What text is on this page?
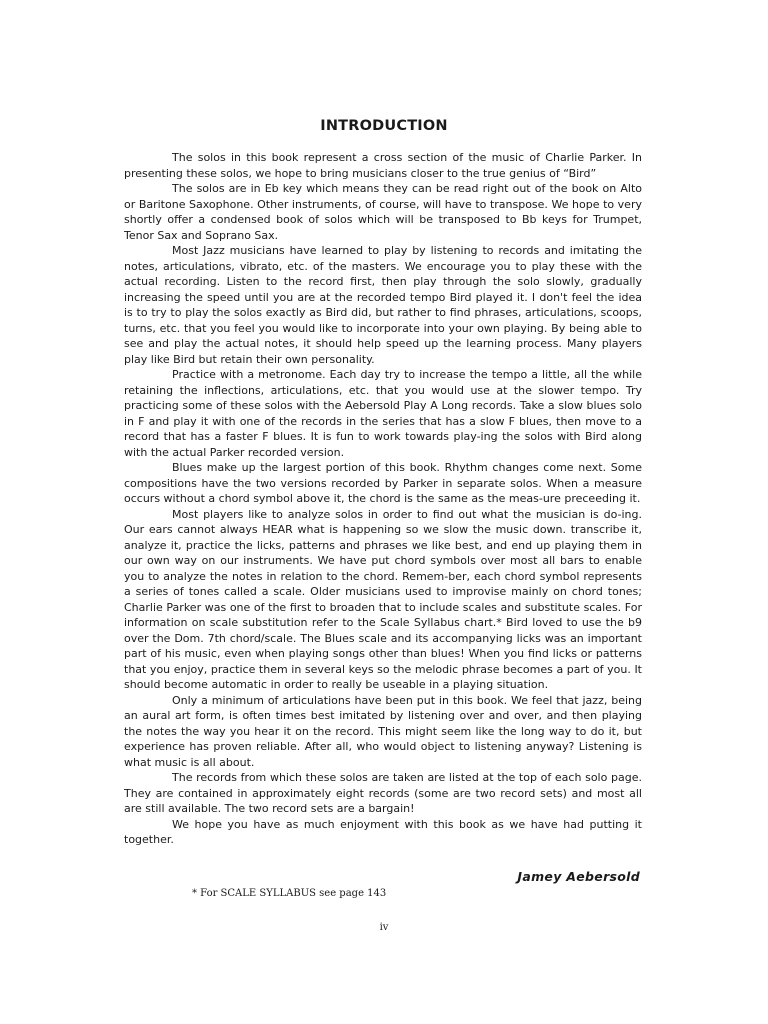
INTRODUCTION

The solos in this book represent a cross section of the music of Charlie Parker. In presenting these solos, we hope to bring musicians closer to the true genius of “Bird”

The solos are in Eb key which means they can be read right out of the book on Alto or Baritone Saxophone. Other instruments, of course, will have to transpose. We hope to very shortly offer a condensed book of solos which will be transposed to Bb keys for Trumpet, Tenor Sax and Soprano Sax.

Most Jazz musicians have learned to play by listening to records and imitating the notes, articulations, vibrato, etc. of the masters. We encourage you to play these with the actual recording. Listen to the record first, then play through the solo slowly, gradually increasing the speed until you are at the recorded tempo Bird played it. I don't feel the idea is to try to play the solos exactly as Bird did, but rather to find phrases, articulations, scoops, turns, etc. that you feel you would like to incorporate into your own playing. By being able to see and play the actual notes, it should help speed up the learning process. Many players play like Bird but retain their own personality.

Practice with a metronome. Each day try to increase the tempo a little, all the while retaining the inflections, articulations, etc. that you would use at the slower tempo. Try practicing some of these solos with the Aebersold Play A Long records. Take a slow blues solo in F and play it with one of the records in the series that has a slow F blues, then move to a record that has a faster F blues. It is fun to work towards play-ing the solos with Bird along with the actual Parker recorded version.

Blues make up the largest portion of this book. Rhythm changes come next. Some compositions have the two versions recorded by Parker in separate solos. When a measure occurs without a chord symbol above it, the chord is the same as the meas-ure preceeding it.

Most players like to analyze solos in order to find out what the musician is do-ing. Our ears cannot always HEAR what is happening so we slow the music down. transcribe it, analyze it, practice the licks, patterns and phrases we like best, and end up playing them in our own way on our instruments. We have put chord symbols over most all bars to enable you to analyze the notes in relation to the chord. Remem-ber, each chord symbol represents a series of tones called a scale. Older musicians used to improvise mainly on chord tones; Charlie Parker was one of the first to broaden that to include scales and substitute scales. For information on scale substitution refer to the Scale Syllabus chart.* Bird loved to use the b9 over the Dom. 7th chord/scale. The Blues scale and its accompanying licks was an important part of his music, even when playing songs other than blues! When you find licks or patterns that you enjoy, practice them in several keys so the melodic phrase becomes a part of you. It should become automatic in order to really be useable in a playing situation.

Only a minimum of articulations have been put in this book. We feel that jazz, being an aural art form, is often times best imitated by listening over and over, and then playing the notes the way you hear it on the record. This might seem like the long way to do it, but experience has proven reliable. After all, who would object to listening anyway? Listening is what music is all about.

The records from which these solos are taken are listed at the top of each solo page. They are contained in approximately eight records (some are two record sets) and most all are still available. The two record sets are a bargain!

We hope you have as much enjoyment with this book as we have had putting it together.

Jamey Aebersold
* For SCALE SYLLABUS see page 143
iv
